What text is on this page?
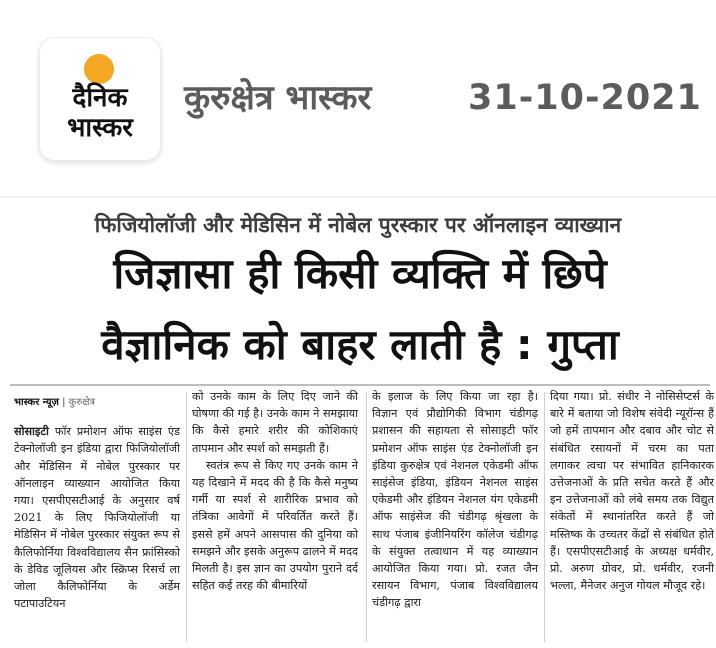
दैनिक
भास्कर
कुरुक्षेत्र भास्कर	31-10-2021
फिजियोलॉजी और मेडिसिन में नोबेल पुरस्कार पर ऑनलाइन व्याख्यान
जिज्ञासा ही किसी व्यक्ति में छिपे
वैज्ञानिक को बाहर लाती है : गुप्ता
भास्कर न्यूज़ | कुरुक्षेत्र

सोसाइटी फॉर प्रमोशन ऑफ साइंस एंड टेक्नोलॉजी इन इंडिया द्वारा फिजियोलॉजी और मेडिसिन में नोबेल पुरस्कार पर ऑनलाइन व्याख्यान आयोजित किया गया। एसपीएसटीआई के अनुसार वर्ष 2021 के लिए फिजियोलॉजी या मेडिसिन में नोबेल पुरस्कार संयुक्त रूप से कैलिफोर्निया विश्वविद्यालय सैन फ्रांसिस्को के डेविड जूलियस और स्क्रिप्स रिसर्च ला जोला कैलिफोर्निया के अर्डेम पटापाउटियन

को उनके काम के लिए दिए जाने की घोषणा की गई है। उनके काम ने समझाया कि कैसे हमारे शरीर की कोशिकाएं तापमान और स्पर्श को समझती हैं।

स्वतंत्र रूप से किए गए उनके काम ने यह दिखाने में मदद की है कि कैसे मनुष्य गर्मी या स्पर्श से शारीरिक प्रभाव को तंत्रिका आवेगों में परिवर्तित करते हैं। इससे हमें अपने आसपास की दुनिया को समझने और इसके अनुरूप ढालने में मदद मिलती है। इस ज्ञान का उपयोग पुराने दर्द सहित कई तरह की बीमारियों

के इलाज के लिए किया जा रहा है। विज्ञान एवं प्रौद्योगिकी विभाग चंडीगढ़ प्रशासन की सहायता से सोसाइटी फॉर प्रमोशन ऑफ साइंस एंड टेक्नोलॉजी इन इंडिया कुरुक्षेत्र एवं नेशनल एकेडमी ऑफ साइंसेज इंडिया, इंडियन नेशनल साइंस एकेडमी और इंडियन नेशनल यंग एकेडमी ऑफ साइंसेज की चंडीगढ़ श्रृंखला के साथ पंजाब इंजीनियरिंग कॉलेज चंडीगढ़ के संयुक्त तत्वाधान में यह व्याख्यान आयोजित किया गया। प्रो. रजत जैन रसायन विभाग, पंजाब विश्वविद्यालय चंडीगढ़ द्वारा

दिया गया। प्रो. संधीर ने नोसिसेप्टर्स के बारे में बताया जो विशेष संवेदी न्यूरॉन्स हैं जो हमें तापमान और दबाव और चोट से संबंधित रसायनों में चरम का पता लगाकर त्वचा पर संभावित हानिकारक उत्तेजनाओं के प्रति सचेत करते हैं और इन उत्तेजनाओं को लंबे समय तक विद्युत संकेतों में स्थानांतरित करते हैं जो मस्तिष्क के उच्चतर केंद्रों से संबंधित होते हैं। एसपीएसटीआई के अध्यक्ष धर्मवीर, प्रो. अरुण ग्रोवर, प्रो. धर्मवीर, रजनी भल्ला, मैनेजर अनुज गोयल मौजूद रहे।
